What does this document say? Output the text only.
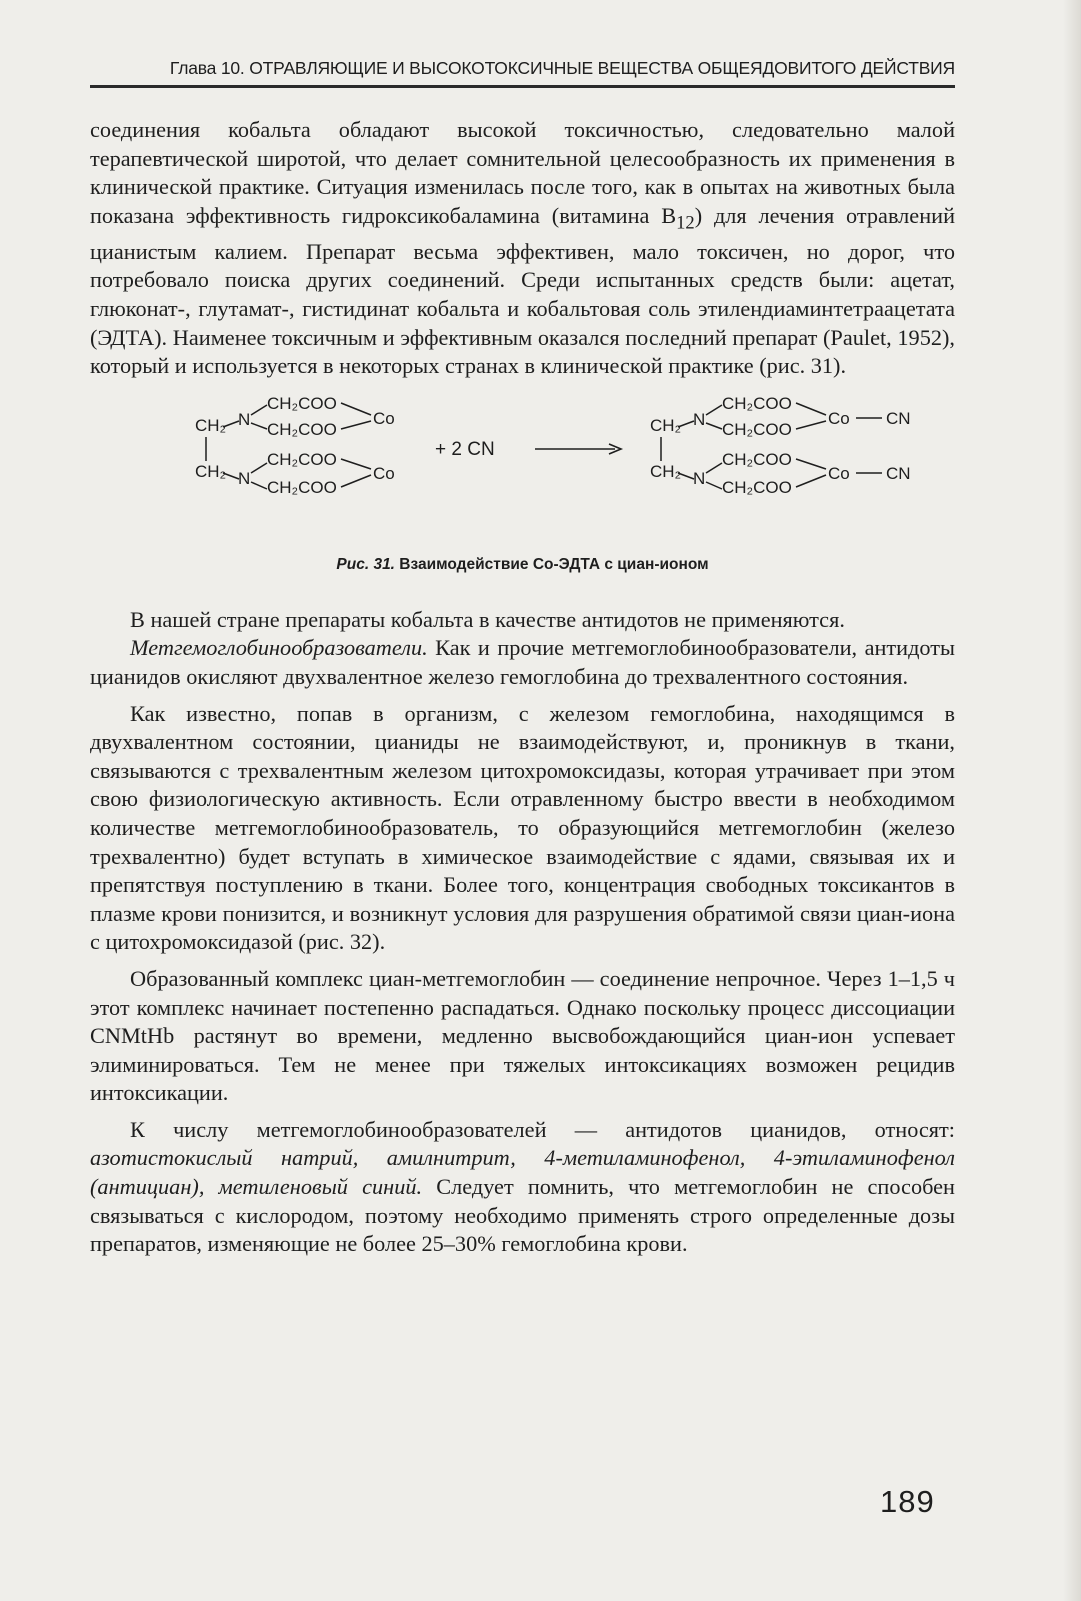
Глава 10. ОТРАВЛЯЮЩИЕ И ВЫСОКОТОКСИЧНЫЕ ВЕЩЕСТВА ОБЩЕЯДОВИТОГО ДЕЙСТВИЯ

соединения кобальта обладают высокой токсичностью, следовательно малой терапевтической широтой, что делает сомнительной целесообразность их применения в клинической практике. Ситуация изменилась после того, как в опытах на животных была показана эффективность гидроксикобаламина (витамина $B_{12}$) для лечения отравлений цианистым калием. Препарат весьма эффективен, мало токсичен, но дорог, что потребовало поиска других соединений. Среди испытанных средств были: ацетат, глюконат-, глутамат-, гистидинат кобальта и кобальтовая соль этилендиаминтетраацетата (ЭДТА). Наименее токсичным и эффективным оказался последний препарат (Paulet, 1952), который и используется в некоторых странах в клинической практике (рис. 31).

CH₂
CH₂
N
N
CH₂COO
CH₂COO
CH₂COO
CH₂COO
Co
Co
+ 2 CN
CH₂
CH₂
N
N
CH₂COO
CH₂COO
CH₂COO
CH₂COO
Co
Co
CN
CN
Рис. 31. Взаимодействие Co-ЭДТА с циан-ионом

В нашей стране препараты кобальта в качестве антидотов не применяются.

Метгемоглобинообразователи. Как и прочие метгемоглобинообразователи, антидоты цианидов окисляют двухвалентное железо гемоглобина до трехвалентного состояния.

Как известно, попав в организм, с железом гемоглобина, находящимся в двухвалентном состоянии, цианиды не взаимодействуют, и, проникнув в ткани, связываются с трехвалентным железом цитохромоксидазы, которая утрачивает при этом свою физиологическую активность. Если отравленному быстро ввести в необходимом количестве метгемоглобинообразователь, то образующийся метгемоглобин (железо трехвалентно) будет вступать в химическое взаимодействие с ядами, связывая их и препятствуя поступлению в ткани. Более того, концентрация свободных токсикантов в плазме крови понизится, и возникнут условия для разрушения обратимой связи циан-иона с цитохромоксидазой (рис. 32).

Образованный комплекс циан-метгемоглобин — соединение непрочное. Через 1–1,5 ч этот комплекс начинает постепенно распадаться. Однако поскольку процесс диссоциации CNMtHb растянут во времени, медленно высвобождающийся циан-ион успевает элиминироваться. Тем не менее при тяжелых интоксикациях возможен рецидив интоксикации.

К числу метгемоглобинообразователей — антидотов цианидов, относят: азотистокислый натрий, амилнитрит, 4-метиламинофенол, 4-этиламинофенол (антициан), метиленовый синий. Следует помнить, что метгемоглобин не способен связываться с кислородом, поэтому необходимо применять строго определенные дозы препаратов, изменяющие не более 25–30% гемоглобина крови.

189
